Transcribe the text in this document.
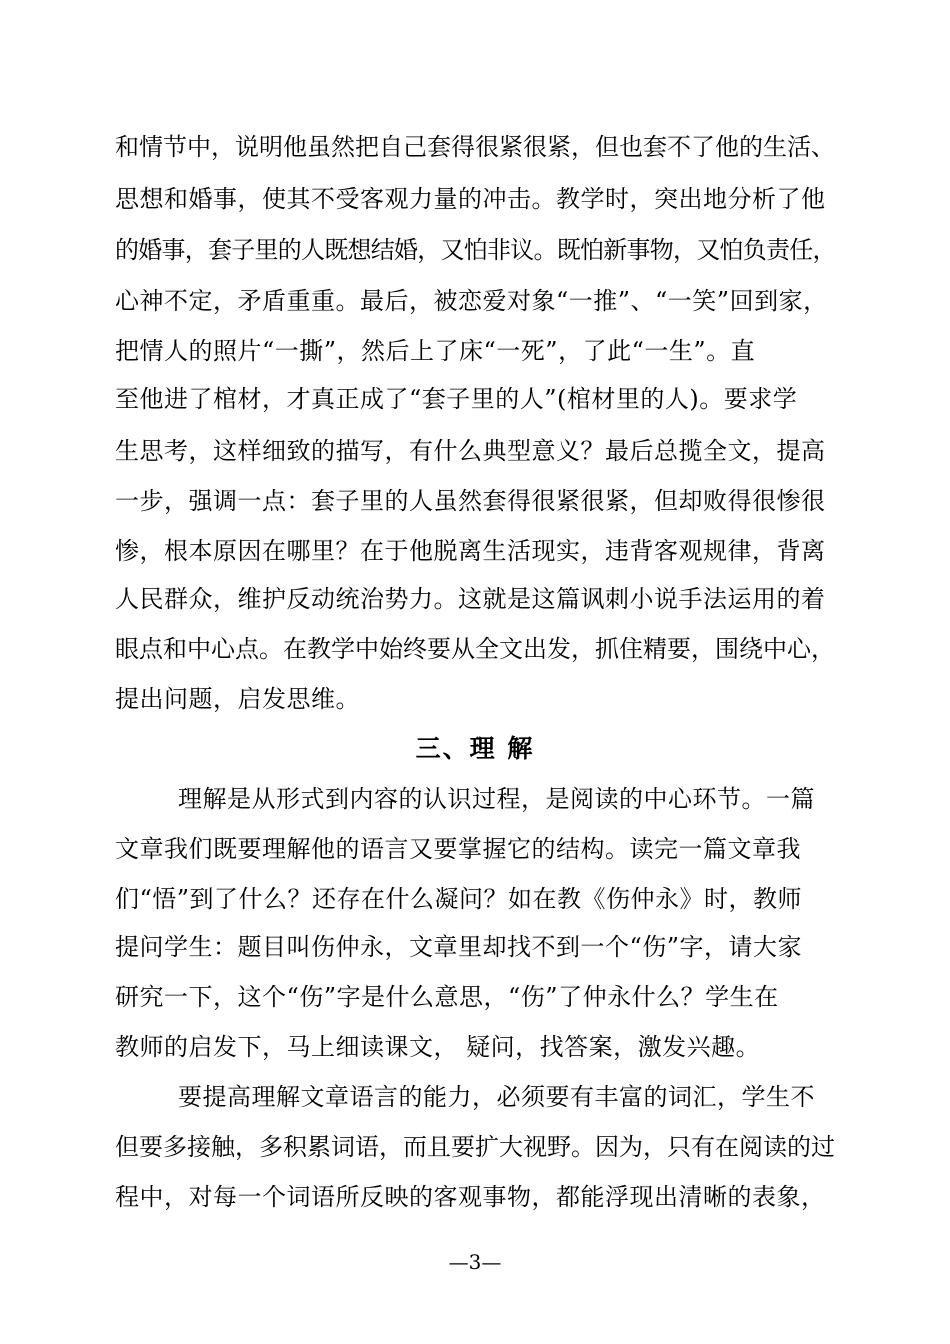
和情节中，说明他虽然把自己套得很紧很紧，但也套不了他的生活、
思想和婚事，使其不受客观力量的冲击。教学时，突出地分析了他
的婚事，套子里的人既想结婚，又怕非议。既怕新事物，又怕负责任，
心神不定，矛盾重重。最后，被恋爱对象“一推”、“一笑”回到家，
把情人的照片“一撕”，然后上了床“一死”，了此“一生”。直
至他进了棺材，才真正成了“套子里的人”(棺材里的人)。要求学
生思考，这样细致的描写，有什么典型意义？最后总揽全文，提高
一步，强调一点：套子里的人虽然套得很紧很紧，但却败得很惨很
惨，根本原因在哪里？在于他脱离生活现实，违背客观规律，背离
人民群众，维护反动统治势力。这就是这篇讽刺小说手法运用的着
眼点和中心点。在教学中始终要从全文出发，抓住精要，围绕中心，
提出问题，启发思维。
三、理 解
理解是从形式到内容的认识过程，是阅读的中心环节。一篇
文章我们既要理解他的语言又要掌握它的结构。读完一篇文章我
们“悟”到了什么？还存在什么凝问？如在教《伤仲永》时，教师
提问学生：题目叫伤仲永，文章里却找不到一个“伤”字，请大家
研究一下，这个“伤”字是什么意思，“伤”了仲永什么？学生在
教师的启发下，马上细读课文， 疑问，找答案，激发兴趣。
要提高理解文章语言的能力，必须要有丰富的词汇，学生不
但要多接触，多积累词语，而且要扩大视野。因为，只有在阅读的过
程中，对每一个词语所反映的客观事物，都能浮现出清晰的表象，
—3—
